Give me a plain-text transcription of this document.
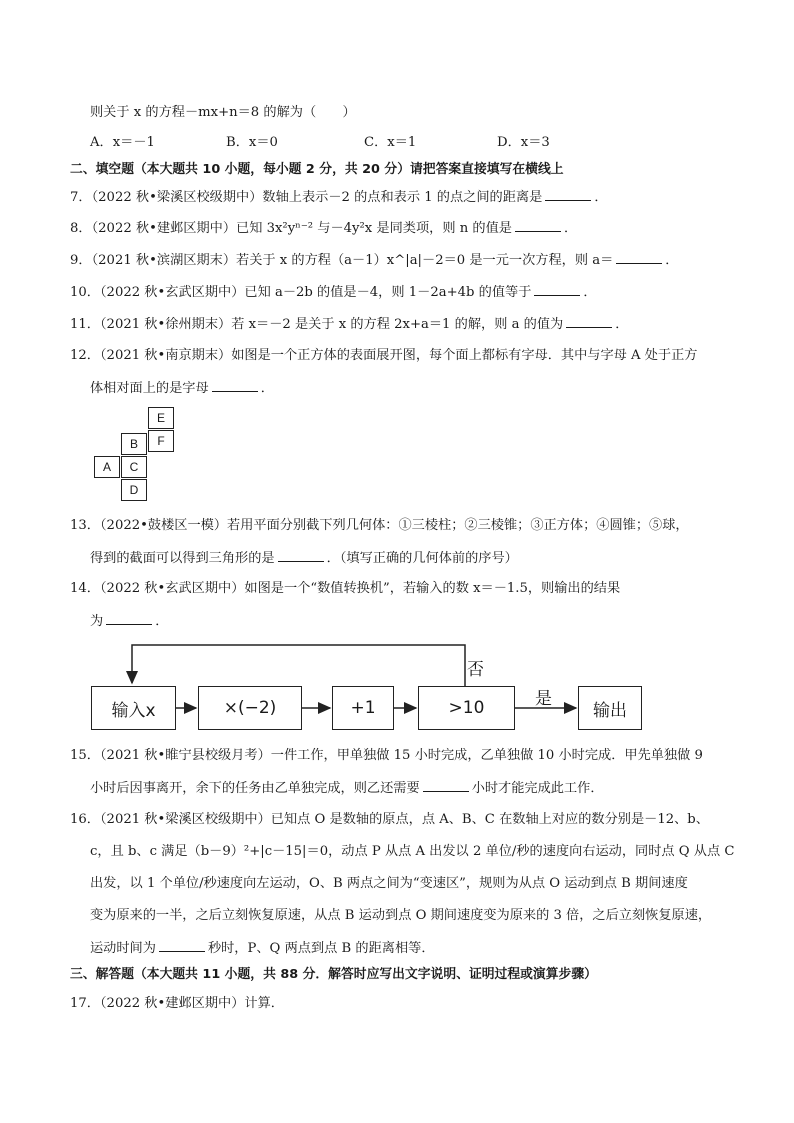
则关于 x 的方程－mx+n＝8 的解为（　　）
A．x＝－1	B．x＝0	C．x＝1	D．x＝3
二、填空题（本大题共 10 小题，每小题 2 分，共 20 分）请把答案直接填写在横线上
7．（2022 秋•梁溪区校级期中）数轴上表示－2 的点和表示 1 的点之间的距离是	．
8．（2022 秋•建邺区期中）已知 3x²yⁿ⁻² 与－4y²x 是同类项，则 n 的值是	．
9．（2021 秋•滨湖区期末）若关于 x 的方程（a－1）x^|a|－2＝0 是一元一次方程，则 a＝	．
10．（2022 秋•玄武区期中）已知 a－2b 的值是－4，则 1－2a+4b 的值等于	．
11．（2021 秋•徐州期末）若 x＝－2 是关于 x 的方程 2x+a＝1 的解，则 a 的值为	．
12．（2021 秋•南京期末）如图是一个正方体的表面展开图，每个面上都标有字母．其中与字母 A 处于正方
体相对面上的是字母	．
E
F
B
C
A
D
13．（2022•鼓楼区一模）若用平面分别截下列几何体：①三棱柱；②三棱锥；③正方体；④圆锥；⑤球，
得到的截面可以得到三角形的是	．（填写正确的几何体前的序号）
14．（2022 秋•玄武区期中）如图是一个“数值转换机”，若输入的数 x＝－1.5，则输出的结果
为	．
输入x	×(−2)	+1	>10	输出
否
是
15．（2021 秋•睢宁县校级月考）一件工作，甲单独做 15 小时完成，乙单独做 10 小时完成．甲先单独做 9
小时后因事离开，余下的任务由乙单独完成，则乙还需要	小时才能完成此工作．
16．（2021 秋•梁溪区校级期中）已知点 O 是数轴的原点，点 A、B、C 在数轴上对应的数分别是－12、b、
c，且 b、c 满足（b－9）²+|c－15|＝0，动点 P 从点 A 出发以 2 单位/秒的速度向右运动，同时点 Q 从点 C
出发，以 1 个单位/秒速度向左运动，O、B 两点之间为“变速区”，规则为从点 O 运动到点 B 期间速度
变为原来的一半，之后立刻恢复原速，从点 B 运动到点 O 期间速度变为原来的 3 倍，之后立刻恢复原速，
运动时间为	秒时，P、Q 两点到点 B 的距离相等．
三、解答题（本大题共 11 小题，共 88 分．解答时应写出文字说明、证明过程或演算步骤）
17．（2022 秋•建邺区期中）计算．
